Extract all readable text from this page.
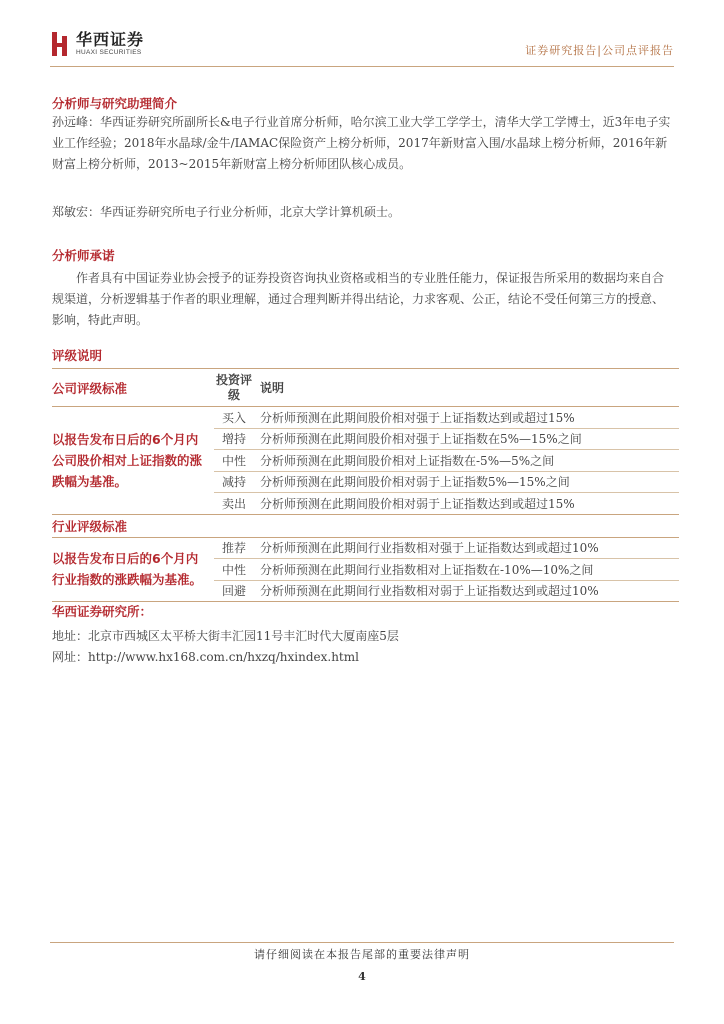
华西证券
HUAXI SECURITIES	证券研究报告|公司点评报告
分析师与研究助理简介
孙远峰：华西证券研究所副所长&电子行业首席分析师，哈尔滨工业大学工学学士，清华大学工学博士，近3年电子实业工作经验；2018年水晶球/金牛/IAMAC保险资产上榜分析师，2017年新财富入围/水晶球上榜分析师，2016年新财富上榜分析师，2013~2015年新财富上榜分析师团队核心成员。
郑敏宏：华西证券研究所电子行业分析师，北京大学计算机硕士。
分析师承诺
作者具有中国证券业协会授予的证券投资咨询执业资格或相当的专业胜任能力，保证报告所采用的数据均来自合规渠道，分析逻辑基于作者的职业理解，通过合理判断并得出结论，力求客观、公正，结论不受任何第三方的授意、影响，特此声明。
评级说明
公司评级标准	投资评级	说明
以报告发布日后的6个月内公司股价相对上证指数的涨跌幅为基准。	买入	分析师预测在此期间股价相对强于上证指数达到或超过15%
	增持	分析师预测在此期间股价相对强于上证指数在5%—15%之间
	中性	分析师预测在此期间股价相对上证指数在-5%—5%之间
	减持	分析师预测在此期间股价相对弱于上证指数5%—15%之间
	卖出	分析师预测在此期间股价相对弱于上证指数达到或超过15%
行业评级标准		
以报告发布日后的6个月内行业指数的涨跌幅为基准。	推荐	分析师预测在此期间行业指数相对强于上证指数达到或超过10%
	中性	分析师预测在此期间行业指数相对上证指数在-10%—10%之间
	回避	分析师预测在此期间行业指数相对弱于上证指数达到或超过10%
华西证券研究所：
地址：北京市西城区太平桥大街丰汇园11号丰汇时代大厦南座5层
网址：http://www.hx168.com.cn/hxzq/hxindex.html
请仔细阅读在本报告尾部的重要法律声明
4
